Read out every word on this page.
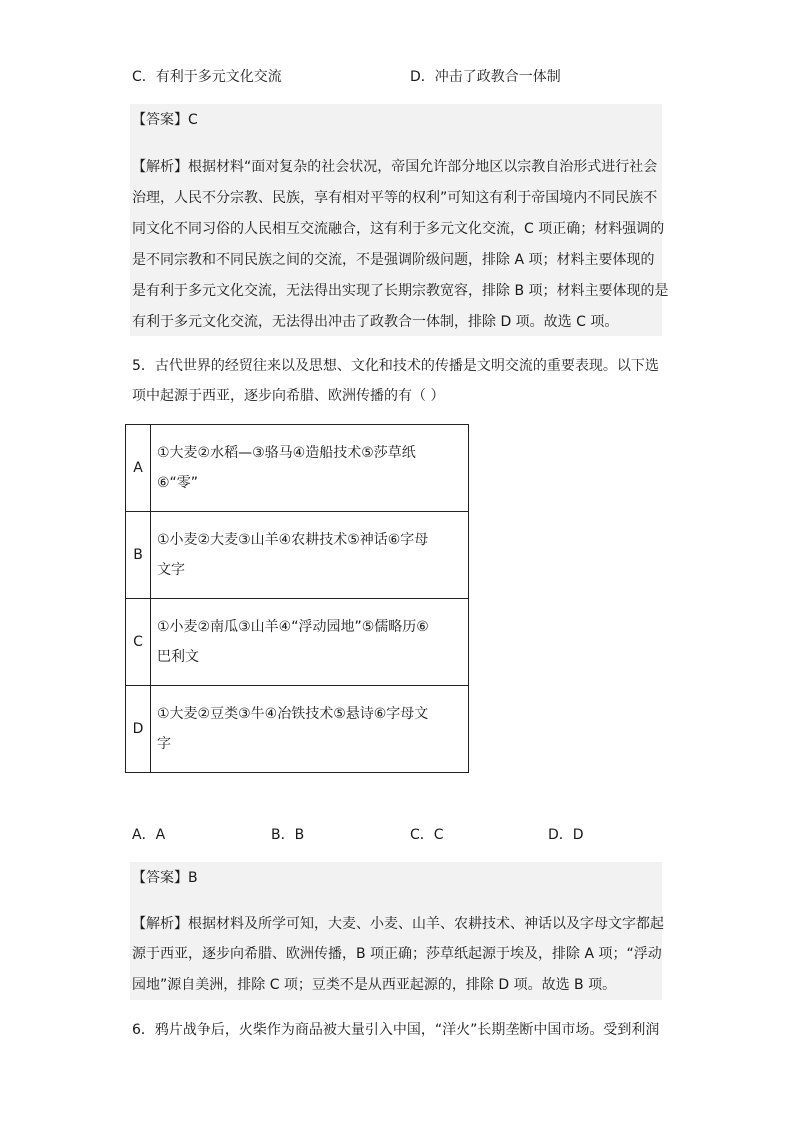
C．有利于多元文化交流	D．冲击了政教合一体制
【答案】C
【解析】根据材料“面对复杂的社会状况，帝国允许部分地区以宗教自治形式进行社会
治理，人民不分宗教、民族，享有相对平等的权利”可知这有利于帝国境内不同民族不
同文化不同习俗的人民相互交流融合，这有利于多元文化交流，C 项正确；材料强调的
是不同宗教和不同民族之间的交流，不是强调阶级问题，排除 A 项；材料主要体现的
是有利于多元文化交流，无法得出实现了长期宗教宽容，排除 B 项；材料主要体现的是
有利于多元文化交流，无法得出冲击了政教合一体制，排除 D 项。故选 C 项。
5．古代世界的经贸往来以及思想、文化和技术的传播是文明交流的重要表现。以下选
项中起源于西亚，逐步向希腊、欧洲传播的有（ ）
A	①大麦②水稻—③骆马④造船技术⑤莎草纸
⑥“零”

B	①小麦②大麦③山羊④农耕技术⑤神话⑥字母
文字

C	①小麦②南瓜③山羊④“浮动园地”⑤儒略历⑥
巴利文

D	①大麦②豆类③牛④冶铁技术⑤悬诗⑥字母文
字
A．A	B．B	C．C	D．D
【答案】B
【解析】根据材料及所学可知，大麦、小麦、山羊、农耕技术、神话以及字母文字都起
源于西亚，逐步向希腊、欧洲传播，B 项正确；莎草纸起源于埃及，排除 A 项；“浮动
园地”源自美洲，排除 C 项；豆类不是从西亚起源的，排除 D 项。故选 B 项。
6．鸦片战争后，火柴作为商品被大量引入中国，“洋火”长期垄断中国市场。受到利润
